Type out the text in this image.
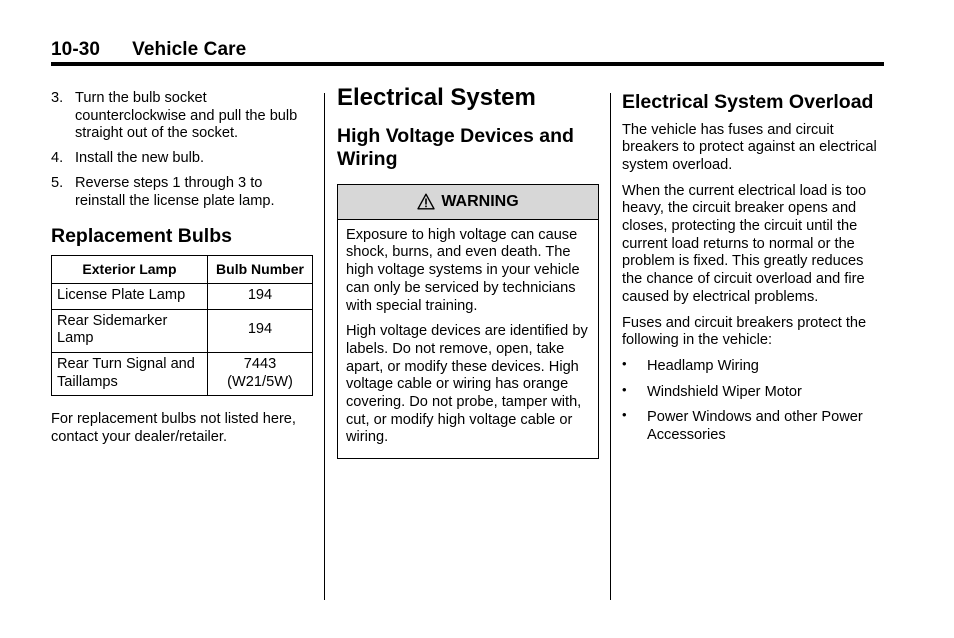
10-30 Vehicle Care
3. Turn the bulb socket counterclockwise and pull the bulb straight out of the socket.
4. Install the new bulb.
5. Reverse steps 1 through 3 to reinstall the license plate lamp.
Replacement Bulbs
Exterior Lamp	Bulb Number
License Plate Lamp	194
Rear Sidemarker Lamp	194
Rear Turn Signal and Taillamps	7443 (W21/5W)
For replacement bulbs not listed here, contact your dealer/retailer.
Electrical System
High Voltage Devices and Wiring
WARNING

Exposure to high voltage can cause shock, burns, and even death. The high voltage systems in your vehicle can only be serviced by technicians with special training.

High voltage devices are identified by labels. Do not remove, open, take apart, or modify these devices. High voltage cable or wiring has orange covering. Do not probe, tamper with, cut, or modify high voltage cable or wiring.

Electrical System Overload

The vehicle has fuses and circuit breakers to protect against an electrical system overload.

When the current electrical load is too heavy, the circuit breaker opens and closes, protecting the circuit until the current load returns to normal or the problem is fixed. This greatly reduces the chance of circuit overload and fire caused by electrical problems.

Fuses and circuit breakers protect the following in the vehicle:

•	Headlamp Wiring
•	Windshield Wiper Motor
•	Power Windows and other Power Accessories
